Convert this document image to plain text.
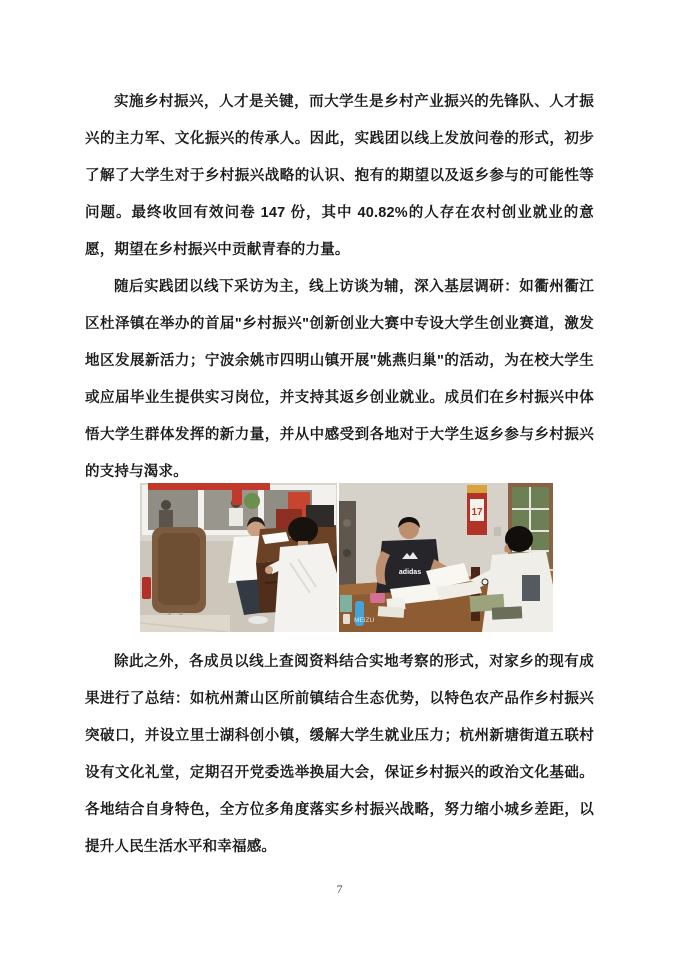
实施乡村振兴，人才是关键，而大学生是乡村产业振兴的先锋队、人才振兴的主力军、文化振兴的传承人。因此，实践团以线上发放问卷的形式，初步了解了大学生对于乡村振兴战略的认识、抱有的期望以及返乡参与的可能性等问题。最终收回有效问卷 147 份，其中 40.82%的人存在农村创业就业的意愿，期望在乡村振兴中贡献青春的力量。

随后实践团以线下采访为主，线上访谈为辅，深入基层调研：如衢州衢江区杜泽镇在举办的首届"乡村振兴"创新创业大赛中专设大学生创业赛道，激发地区发展新活力；宁波余姚市四明山镇开展"姚燕归巢"的活动，为在校大学生或应届毕业生提供实习岗位，并支持其返乡创业就业。成员们在乡村振兴中体悟大学生群体发挥的新力量，并从中感受到各地对于大学生返乡参与乡村振兴的支持与渴求。

17
adidas
MEIZU

除此之外，各成员以线上查阅资料结合实地考察的形式，对家乡的现有成果进行了总结：如杭州萧山区所前镇结合生态优势，以特色农产品作乡村振兴突破口，并设立里士湖科创小镇，缓解大学生就业压力；杭州新塘街道五联村设有文化礼堂，定期召开党委选举换届大会，保证乡村振兴的政治文化基础。各地结合自身特色，全方位多角度落实乡村振兴战略，努力缩小城乡差距，以提升人民生活水平和幸福感。

7
